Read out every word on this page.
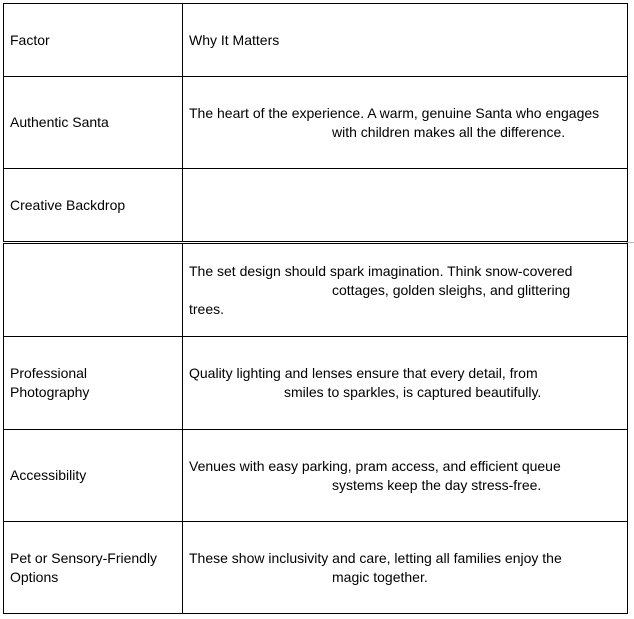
Factor	Why It Matters

Authentic Santa	The heart of the experience. A warm, genuine Santa who engages
with children makes all the difference.

Creative Backdrop	

	The set design should spark imagination. Think snow-covered
cottages, golden sleighs, and glittering
trees.

Professional
Photography	Quality lighting and lenses ensure that every detail, from
smiles to sparkles, is captured beautifully.

Accessibility	Venues with easy parking, pram access, and efficient queue
systems keep the day stress-free.

Pet or Sensory-Friendly
Options	These show inclusivity and care, letting all families enjoy the
magic together.
